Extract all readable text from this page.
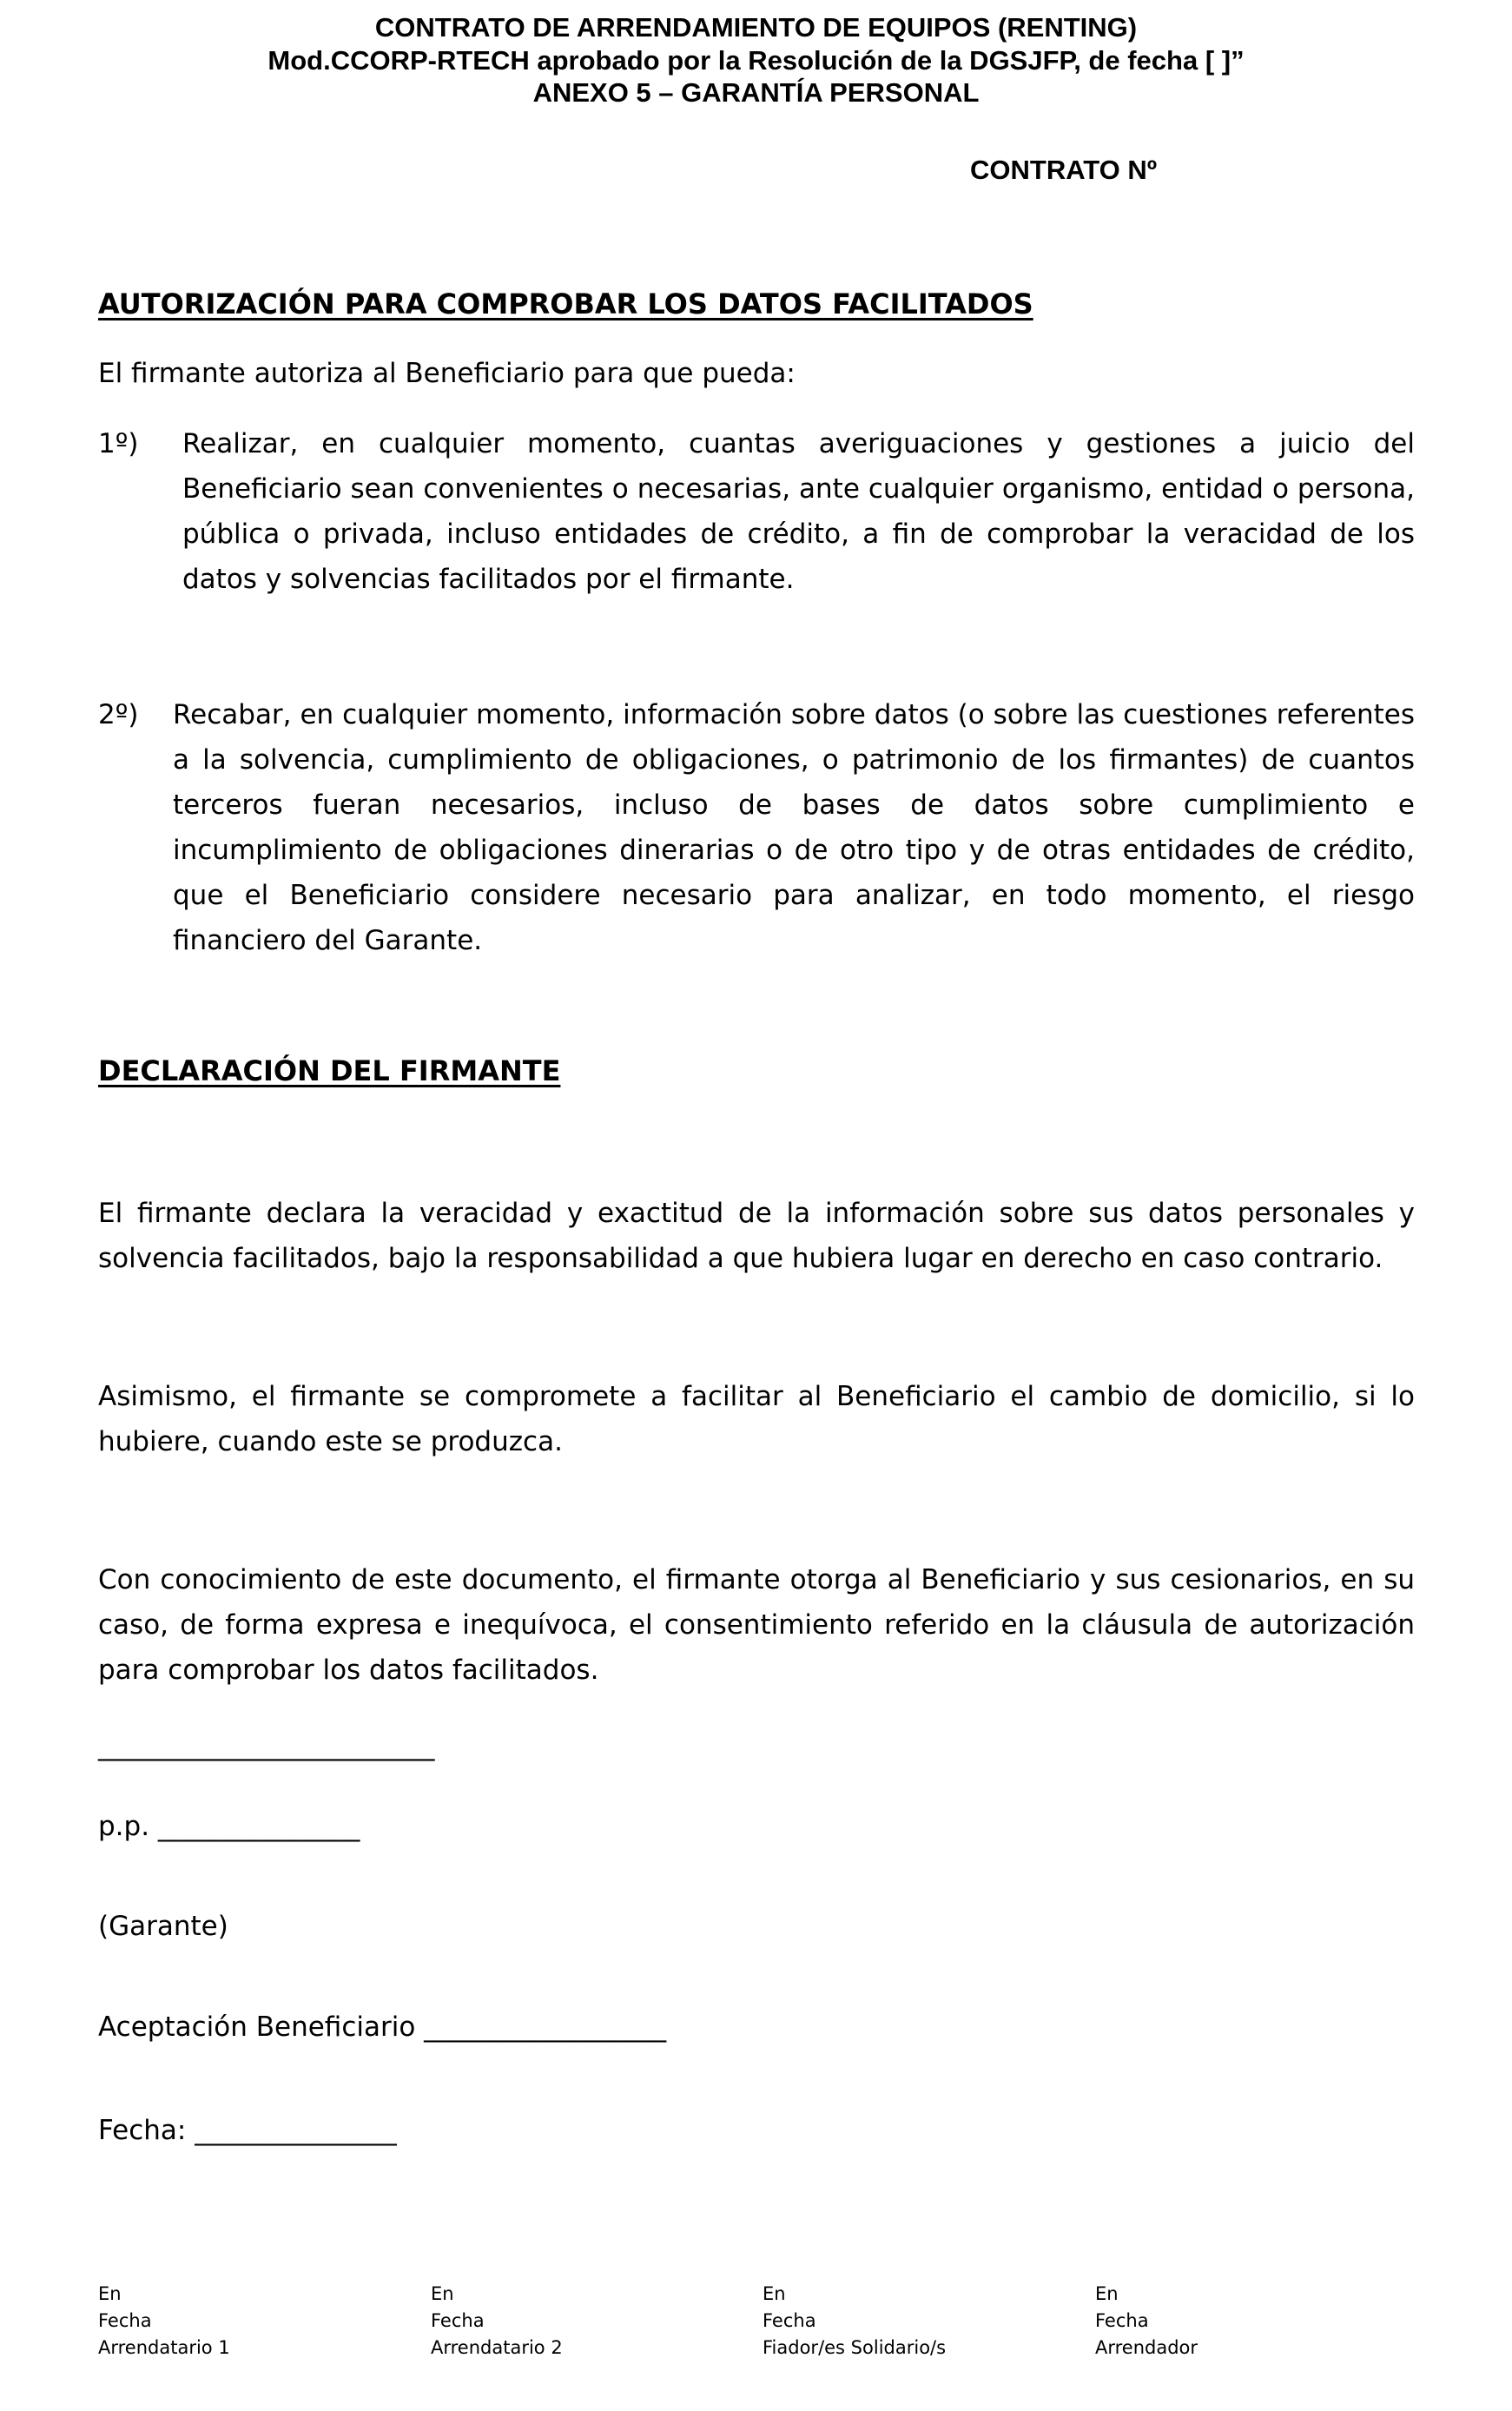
CONTRATO DE ARRENDAMIENTO DE EQUIPOS (RENTING)
Mod.CCORP-RTECH aprobado por la Resolución de la DGSJFP, de fecha [ ]”
ANEXO 5 – GARANTÍA PERSONAL
CONTRATO Nº
AUTORIZACIÓN PARA COMPROBAR LOS DATOS FACILITADOS
El firmante autoriza al Beneficiario para que pueda:
1º) Realizar, en cualquier momento, cuantas averiguaciones y gestiones a juicio del Beneficiario sean convenientes o necesarias, ante cualquier organismo, entidad o persona, pública o privada, incluso entidades de crédito, a fin de comprobar la veracidad de los datos y solvencias facilitados por el firmante.

2º) Recabar, en cualquier momento, información sobre datos (o sobre las cuestiones referentes a la solvencia, cumplimiento de obligaciones, o patrimonio de los firmantes) de cuantos terceros fueran necesarios, incluso de bases de datos sobre cumplimiento e incumplimiento de obligaciones dinerarias o de otro tipo y de otras entidades de crédito, que el Beneficiario considere necesario para analizar, en todo momento, el riesgo financiero del Garante.

DECLARACIÓN DEL FIRMANTE

El firmante declara la veracidad y exactitud de la información sobre sus datos personales y solvencia facilitados, bajo la responsabilidad a que hubiera lugar en derecho en caso contrario.

Asimismo, el firmante se compromete a facilitar al Beneficiario el cambio de domicilio, si lo hubiere, cuando este se produzca.

Con conocimiento de este documento, el firmante otorga al Beneficiario y sus cesionarios, en su caso, de forma expresa e inequívoca, el consentimiento referido en la cláusula de autorización para comprobar los datos facilitados.

_________________________
p.p. _______________
(Garante)
Aceptación Beneficiario __________________
Fecha: _______________
En
Fecha
Arrendatario 1
En
Fecha
Arrendatario 2
En
Fecha
Fiador/es Solidario/s
En
Fecha
Arrendador
